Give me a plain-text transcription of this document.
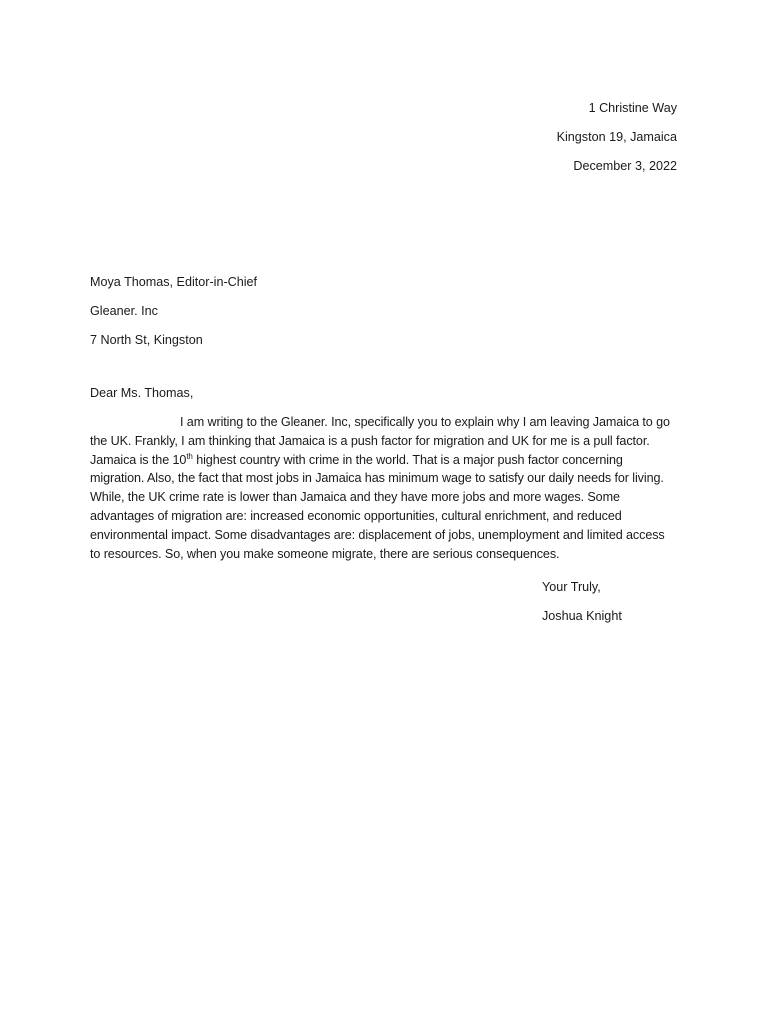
1 Christine Way
Kingston 19, Jamaica
December 3, 2022
Moya Thomas, Editor-in-Chief
Gleaner. Inc
7 North St, Kingston
Dear Ms. Thomas,
I am writing to the Gleaner. Inc, specifically you to explain why I am leaving Jamaica to go the UK. Frankly, I am thinking that Jamaica is a push factor for migration and UK for me is a pull factor. Jamaica is the 10th highest country with crime in the world. That is a major push factor concerning migration. Also, the fact that most jobs in Jamaica has minimum wage to satisfy our daily needs for living. While, the UK crime rate is lower than Jamaica and they have more jobs and more wages. Some advantages of migration are: increased economic opportunities, cultural enrichment, and reduced environmental impact. Some disadvantages are: displacement of jobs, unemployment and limited access to resources. So, when you make someone migrate, there are serious consequences.
Your Truly,
Joshua Knight
